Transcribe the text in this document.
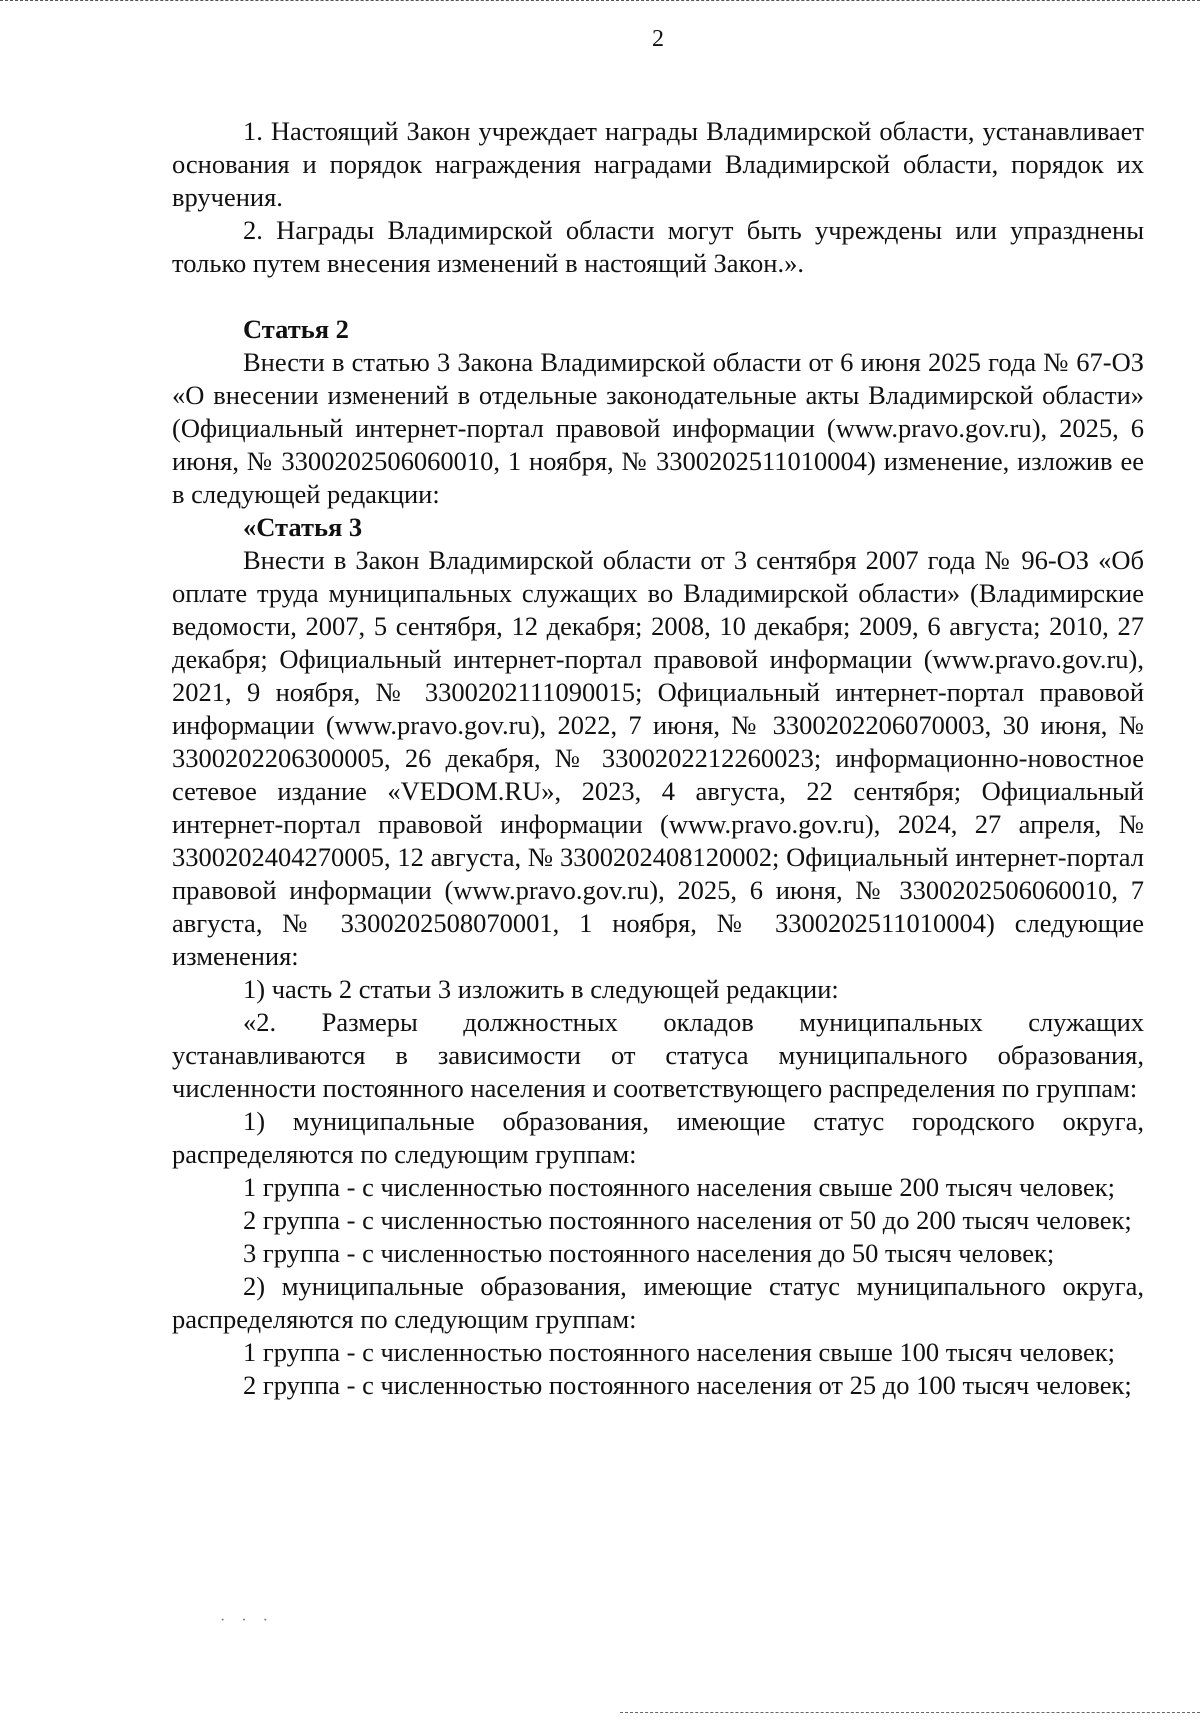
2

1. Настоящий Закон учреждает награды Владимирской области, устанавливает основания и порядок награждения наградами Владимирской области, порядок их вручения.

2. Награды Владимирской области могут быть учреждены или упразднены только путем внесения изменений в настоящий Закон.».

Статья 2

Внести в статью 3 Закона Владимирской области от 6 июня 2025 года № 67-ОЗ «О внесении изменений в отдельные законодательные акты Владимирской области» (Официальный интернет-портал правовой информации (www.pravo.gov.ru), 2025, 6 июня, № 3300202506060010, 1 ноября, № 3300202511010004) изменение, изложив ее в следующей редакции:

«Статья 3

Внести в Закон Владимирской области от 3 сентября 2007 года № 96-ОЗ «Об оплате труда муниципальных служащих во Владимирской области» (Владимирские ведомости, 2007, 5 сентября, 12 декабря; 2008, 10 декабря; 2009, 6 августа; 2010, 27 декабря; Официальный интернет-портал правовой информации (www.pravo.gov.ru), 2021, 9 ноября, № 3300202111090015; Официальный интернет-портал правовой информации (www.pravo.gov.ru), 2022, 7 июня, № 3300202206070003, 30 июня, № 3300202206300005, 26 декабря, № 3300202212260023; информационно-новостное сетевое издание «VEDOM.RU», 2023, 4 августа, 22 сентября; Официальный интернет-портал правовой информации (www.pravo.gov.ru), 2024, 27 апреля, № 3300202404270005, 12 августа, № 3300202408120002; Официальный интернет-портал правовой информации (www.pravo.gov.ru), 2025, 6 июня, № 3300202506060010, 7 августа, № 3300202508070001, 1 ноября, № 3300202511010004) следующие изменения:

1) часть 2 статьи 3 изложить в следующей редакции:

«2. Размеры должностных окладов муниципальных служащих устанавливаются в зависимости от статуса муниципального образования, численности постоянного населения и соответствующего распределения по группам:

1) муниципальные образования, имеющие статус городского округа, распределяются по следующим группам:

1 группа - с численностью постоянного населения свыше 200 тысяч человек;

2 группа - с численностью постоянного населения от 50 до 200 тысяч человек;

3 группа - с численностью постоянного населения до 50 тысяч человек;

2) муниципальные образования, имеющие статус муниципального округа, распределяются по следующим группам:

1 группа - с численностью постоянного населения свыше 100 тысяч человек;

2 группа - с численностью постоянного населения от 25 до 100 тысяч человек;

· · ·
